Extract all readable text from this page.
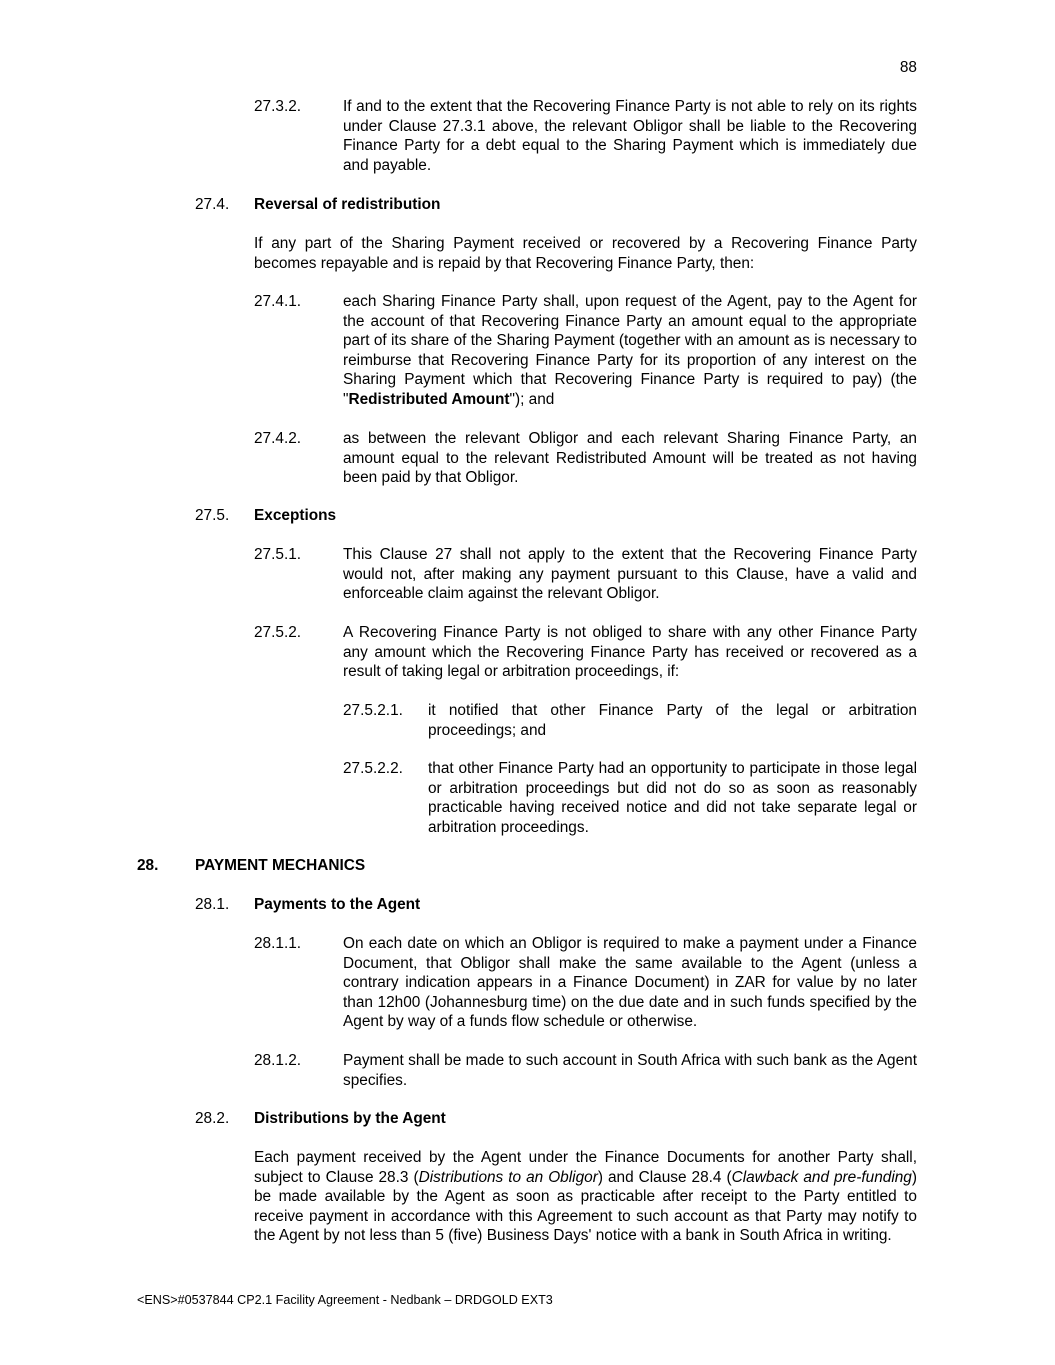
88
27.3.2.	If and to the extent that the Recovering Finance Party is not able to rely on its rights under Clause 27.3.1 above, the relevant Obligor shall be liable to the Recovering Finance Party for a debt equal to the Sharing Payment which is immediately due and payable.
27.4. Reversal of redistribution
If any part of the Sharing Payment received or recovered by a Recovering Finance Party becomes repayable and is repaid by that Recovering Finance Party, then:
27.4.1.	each Sharing Finance Party shall, upon request of the Agent, pay to the Agent for the account of that Recovering Finance Party an amount equal to the appropriate part of its share of the Sharing Payment (together with an amount as is necessary to reimburse that Recovering Finance Party for its proportion of any interest on the Sharing Payment which that Recovering Finance Party is required to pay) (the "Redistributed Amount"); and
27.4.2.	as between the relevant Obligor and each relevant Sharing Finance Party, an amount equal to the relevant Redistributed Amount will be treated as not having been paid by that Obligor.
27.5. Exceptions
27.5.1.	This Clause 27 shall not apply to the extent that the Recovering Finance Party would not, after making any payment pursuant to this Clause, have a valid and enforceable claim against the relevant Obligor.
27.5.2.	A Recovering Finance Party is not obliged to share with any other Finance Party any amount which the Recovering Finance Party has received or recovered as a result of taking legal or arbitration proceedings, if:
27.5.2.1. it notified that other Finance Party of the legal or arbitration proceedings; and
27.5.2.2. that other Finance Party had an opportunity to participate in those legal or arbitration proceedings but did not do so as soon as reasonably practicable having received notice and did not take separate legal or arbitration proceedings.
28. PAYMENT MECHANICS
28.1. Payments to the Agent
28.1.1.	On each date on which an Obligor is required to make a payment under a Finance Document, that Obligor shall make the same available to the Agent (unless a contrary indication appears in a Finance Document) in ZAR for value by no later than 12h00 (Johannesburg time) on the due date and in such funds specified by the Agent by way of a funds flow schedule or otherwise.
28.1.2.	Payment shall be made to such account in South Africa with such bank as the Agent specifies.
28.2. Distributions by the Agent
Each payment received by the Agent under the Finance Documents for another Party shall, subject to Clause 28.3 (Distributions to an Obligor) and Clause 28.4 (Clawback and pre-funding) be made available by the Agent as soon as practicable after receipt to the Party entitled to receive payment in accordance with this Agreement to such account as that Party may notify to the Agent by not less than 5 (five) Business Days' notice with a bank in South Africa in writing.
<ENS>#0537844 CP2.1 Facility Agreement - Nedbank – DRDGOLD EXT3
